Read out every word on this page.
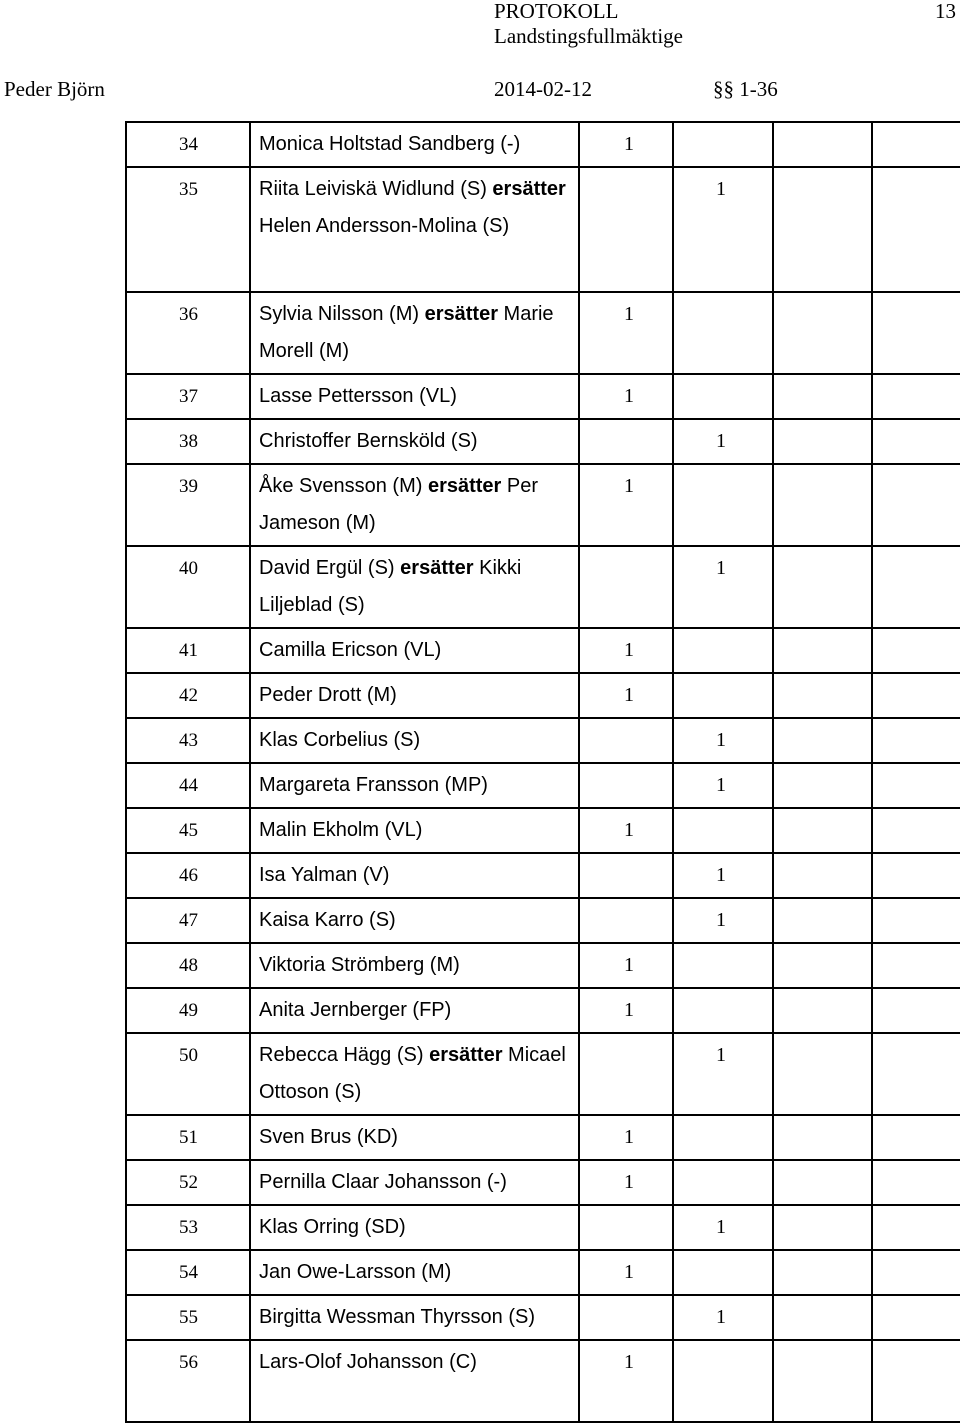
PROTOKOLL	13
Landstingsfullmäktige
Peder Björn	2014-02-12	§§ 1-36
34	Monica Holtstad Sandberg (-)	1			

35	Riita Leiviskä Widlund (S) ersätter Helen Andersson-Molina (S)		1		

36	Sylvia Nilsson (M) ersätter Marie Morell (M)	1			

37	Lasse Pettersson (VL)	1			

38	Christoffer Bernsköld (S)		1		

39	Åke Svensson (M) ersätter Per Jameson (M)	1			

40	David Ergül (S) ersätter Kikki Liljeblad (S)		1		

41	Camilla Ericson (VL)	1			

42	Peder Drott (M)	1			

43	Klas Corbelius (S)		1		

44	Margareta Fransson (MP)		1		

45	Malin Ekholm (VL)	1			

46	Isa Yalman (V)		1		

47	Kaisa Karro (S)		1		

48	Viktoria Strömberg (M)	1			

49	Anita Jernberger (FP)	1			

50	Rebecca Hägg (S) ersätter Micael Ottoson (S)		1		

51	Sven Brus (KD)	1			

52	Pernilla Claar Johansson (-)	1			

53	Klas Orring (SD)		1		

54	Jan Owe-Larsson (M)	1			

55	Birgitta Wessman Thyrsson (S)		1		

56	Lars-Olof Johansson (C)	1			
